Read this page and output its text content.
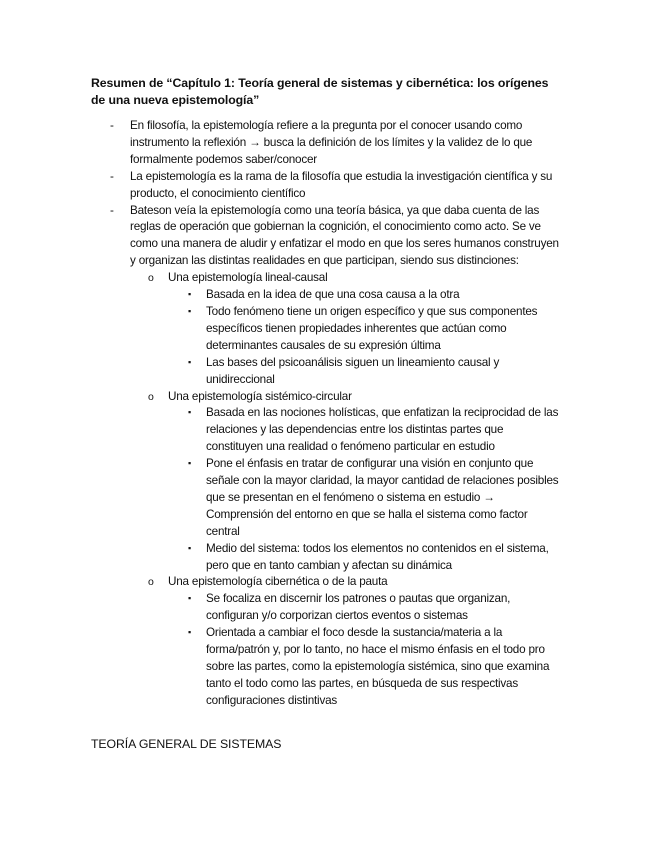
Resumen de “Capítulo 1: Teoría general de sistemas y cibernética: los orígenes de una nueva epistemología”
- En filosofía, la epistemología refiere a la pregunta por el conocer usando como instrumento la reflexión → busca la definición de los límites y la validez de lo que formalmente podemos saber/conocer
- La epistemología es la rama de la filosofía que estudia la investigación científica y su producto, el conocimiento científico
- Bateson veía la epistemología como una teoría básica, ya que daba cuenta de las reglas de operación que gobiernan la cognición, el conocimiento como acto. Se ve como una manera de aludir y enfatizar el modo en que los seres humanos construyen y organizan las distintas realidades en que participan, siendo sus distinciones:
o Una epistemología lineal-causal
▪ Basada en la idea de que una cosa causa a la otra
▪ Todo fenómeno tiene un origen específico y que sus componentes específicos tienen propiedades inherentes que actúan como determinantes causales de su expresión última
▪ Las bases del psicoanálisis siguen un lineamiento causal y unidireccional
o Una epistemología sistémico-circular
▪ Basada en las nociones holísticas, que enfatizan la reciprocidad de las relaciones y las dependencias entre los distintas partes que constituyen una realidad o fenómeno particular en estudio
▪ Pone el énfasis en tratar de configurar una visión en conjunto que señale con la mayor claridad, la mayor cantidad de relaciones posibles que se presentan en el fenómeno o sistema en estudio → Comprensión del entorno en que se halla el sistema como factor central
▪ Medio del sistema: todos los elementos no contenidos en el sistema, pero que en tanto cambian y afectan su dinámica
o Una epistemología cibernética o de la pauta
▪ Se focaliza en discernir los patrones o pautas que organizan, configuran y/o corporizan ciertos eventos o sistemas
▪ Orientada a cambiar el foco desde la sustancia/materia a la forma/patrón y, por lo tanto, no hace el mismo énfasis en el todo pro sobre las partes, como la epistemología sistémica, sino que examina tanto el todo como las partes, en búsqueda de sus respectivas configuraciones distintivas
TEORÍA GENERAL DE SISTEMAS
